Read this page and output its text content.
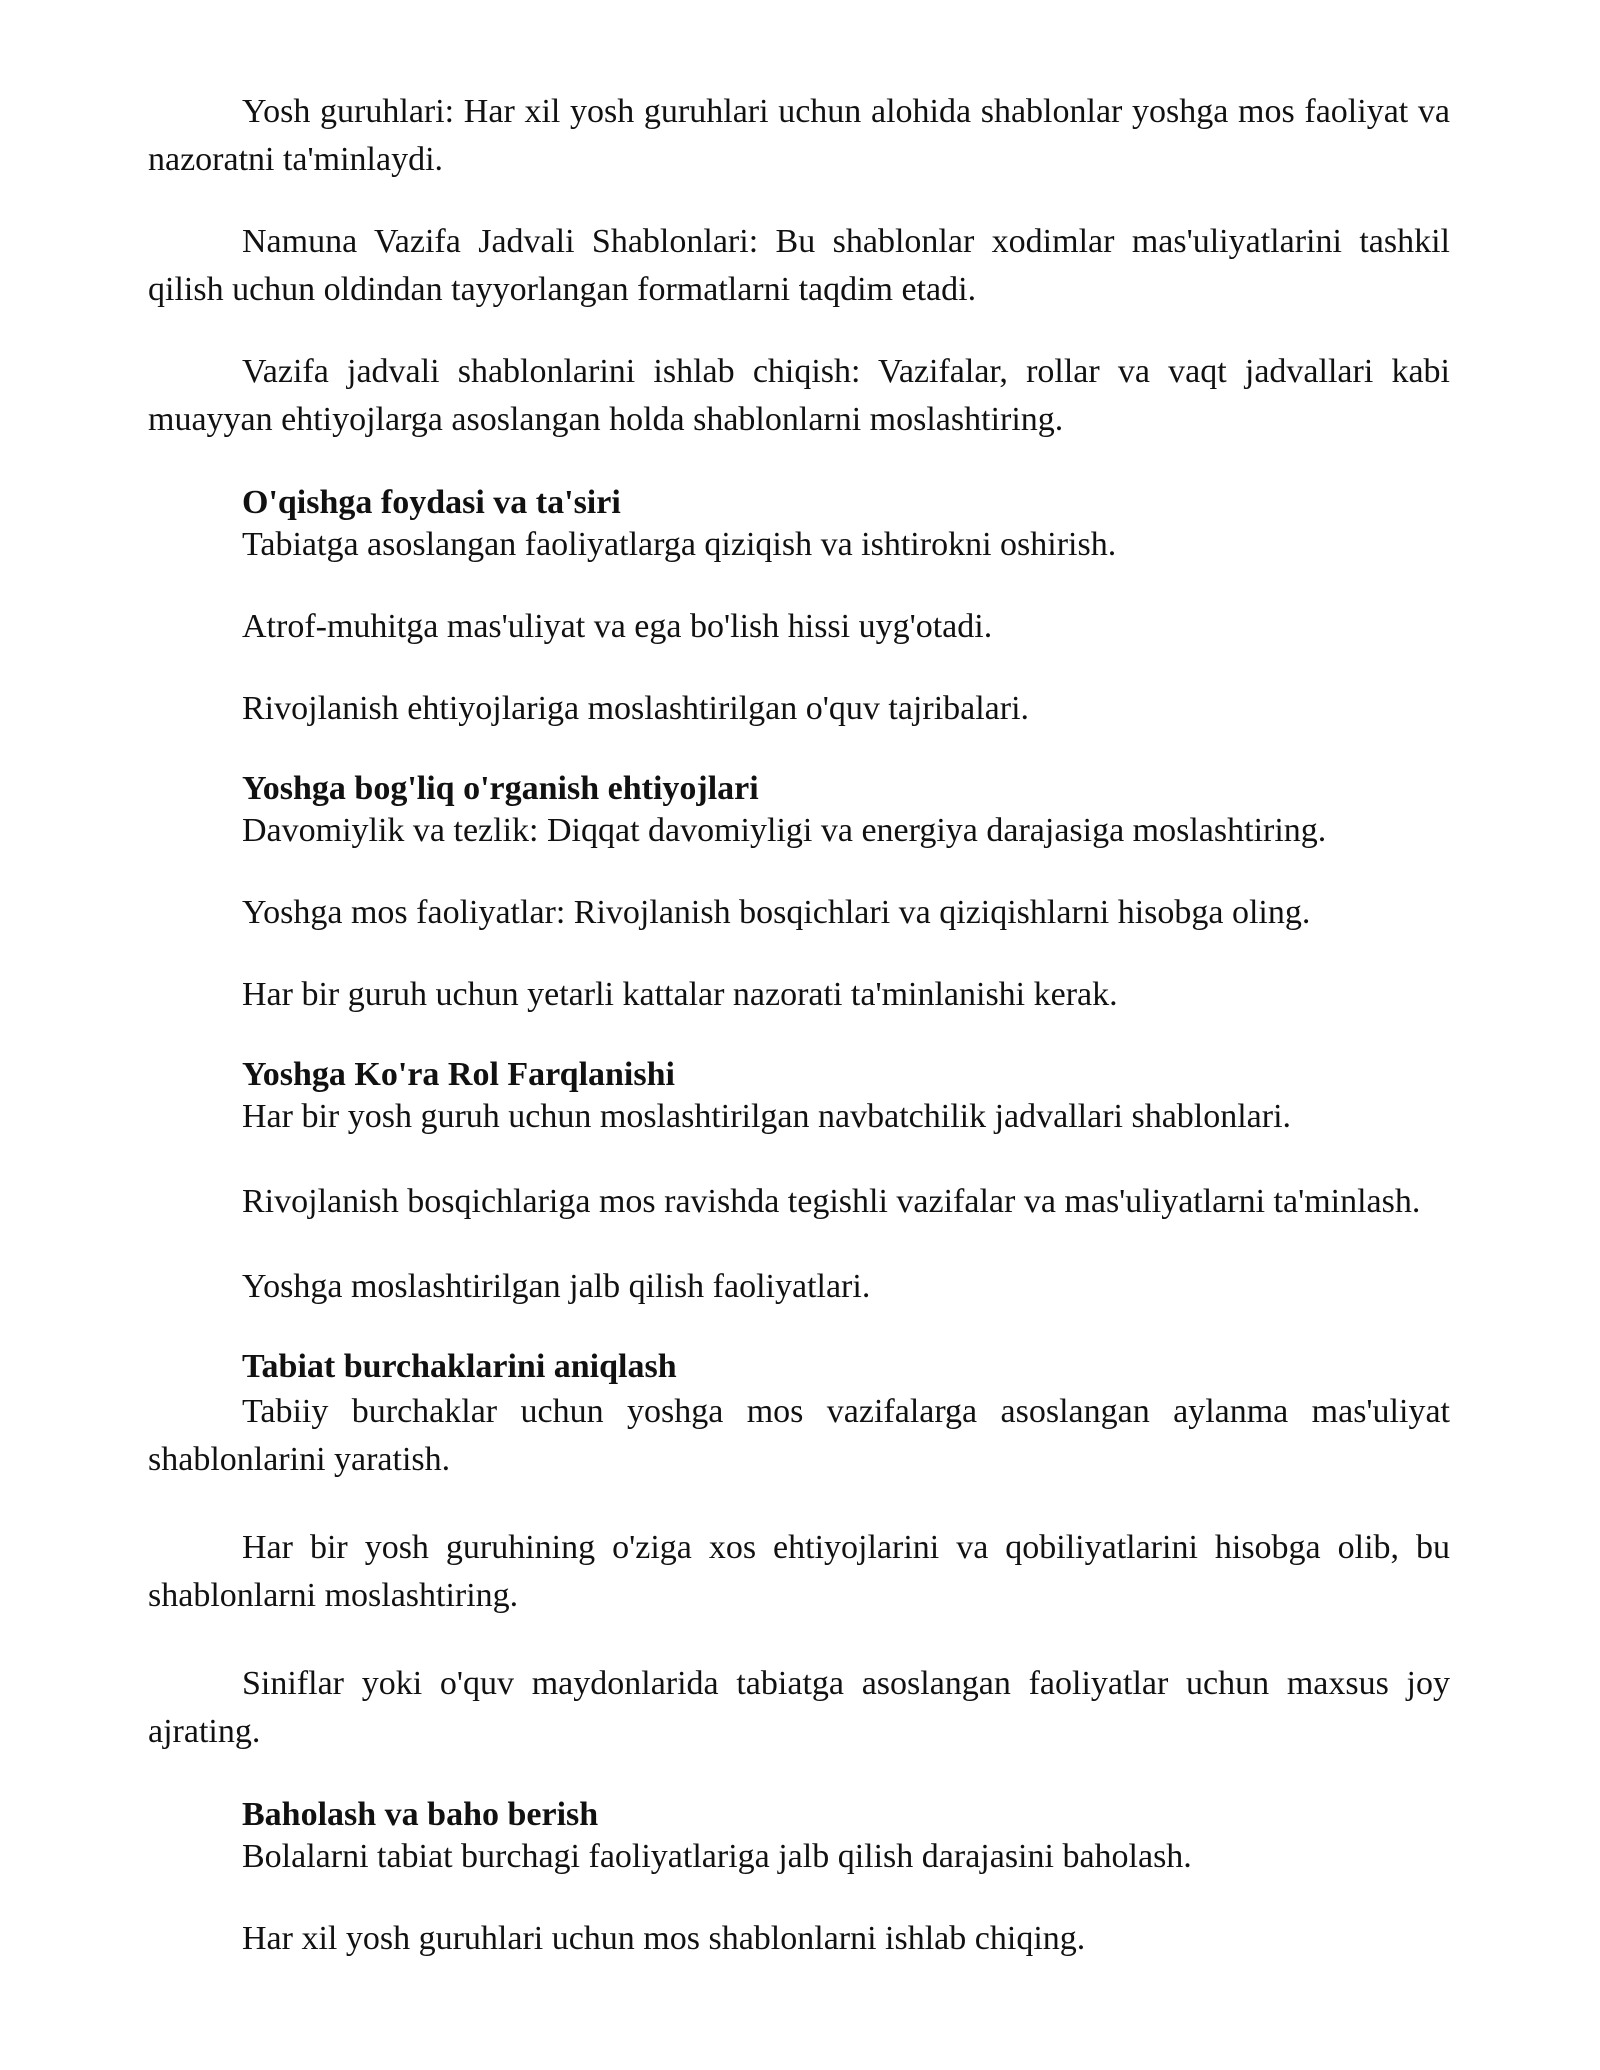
Yosh guruhlari: Har xil yosh guruhlari uchun alohida shablonlar yoshga mos faoliyat va nazoratni ta'minlaydi.

Namuna Vazifa Jadvali Shablonlari: Bu shablonlar xodimlar mas'uliyatlarini tashkil qilish uchun oldindan tayyorlangan formatlarni taqdim etadi.

Vazifa jadvali shablonlarini ishlab chiqish: Vazifalar, rollar va vaqt jadvallari kabi muayyan ehtiyojlarga asoslangan holda shablonlarni moslashtiring.

O'qishga foydasi va ta'siri

Tabiatga asoslangan faoliyatlarga qiziqish va ishtirokni oshirish.

Atrof-muhitga mas'uliyat va ega bo'lish hissi uyg'otadi.

Rivojlanish ehtiyojlariga moslashtirilgan o'quv tajribalari.

Yoshga bog'liq o'rganish ehtiyojlari

Davomiylik va tezlik: Diqqat davomiyligi va energiya darajasiga moslashtiring.

Yoshga mos faoliyatlar: Rivojlanish bosqichlari va qiziqishlarni hisobga oling.

Har bir guruh uchun yetarli kattalar nazorati ta'minlanishi kerak.

Yoshga Ko'ra Rol Farqlanishi

Har bir yosh guruh uchun moslashtirilgan navbatchilik jadvallari shablonlari.

Rivojlanish bosqichlariga mos ravishda tegishli vazifalar va mas'uliyatlarni ta'minlash.

Yoshga moslashtirilgan jalb qilish faoliyatlari.

Tabiat burchaklarini aniqlash

Tabiiy burchaklar uchun yoshga mos vazifalarga asoslangan aylanma mas'uliyat shablonlarini yaratish.

Har bir yosh guruhining o'ziga xos ehtiyojlarini va qobiliyatlarini hisobga olib, bu shablonlarni moslashtiring.

Siniflar yoki o'quv maydonlarida tabiatga asoslangan faoliyatlar uchun maxsus joy ajrating.

Baholash va baho berish

Bolalarni tabiat burchagi faoliyatlariga jalb qilish darajasini baholash.

Har xil yosh guruhlari uchun mos shablonlarni ishlab chiqing.
